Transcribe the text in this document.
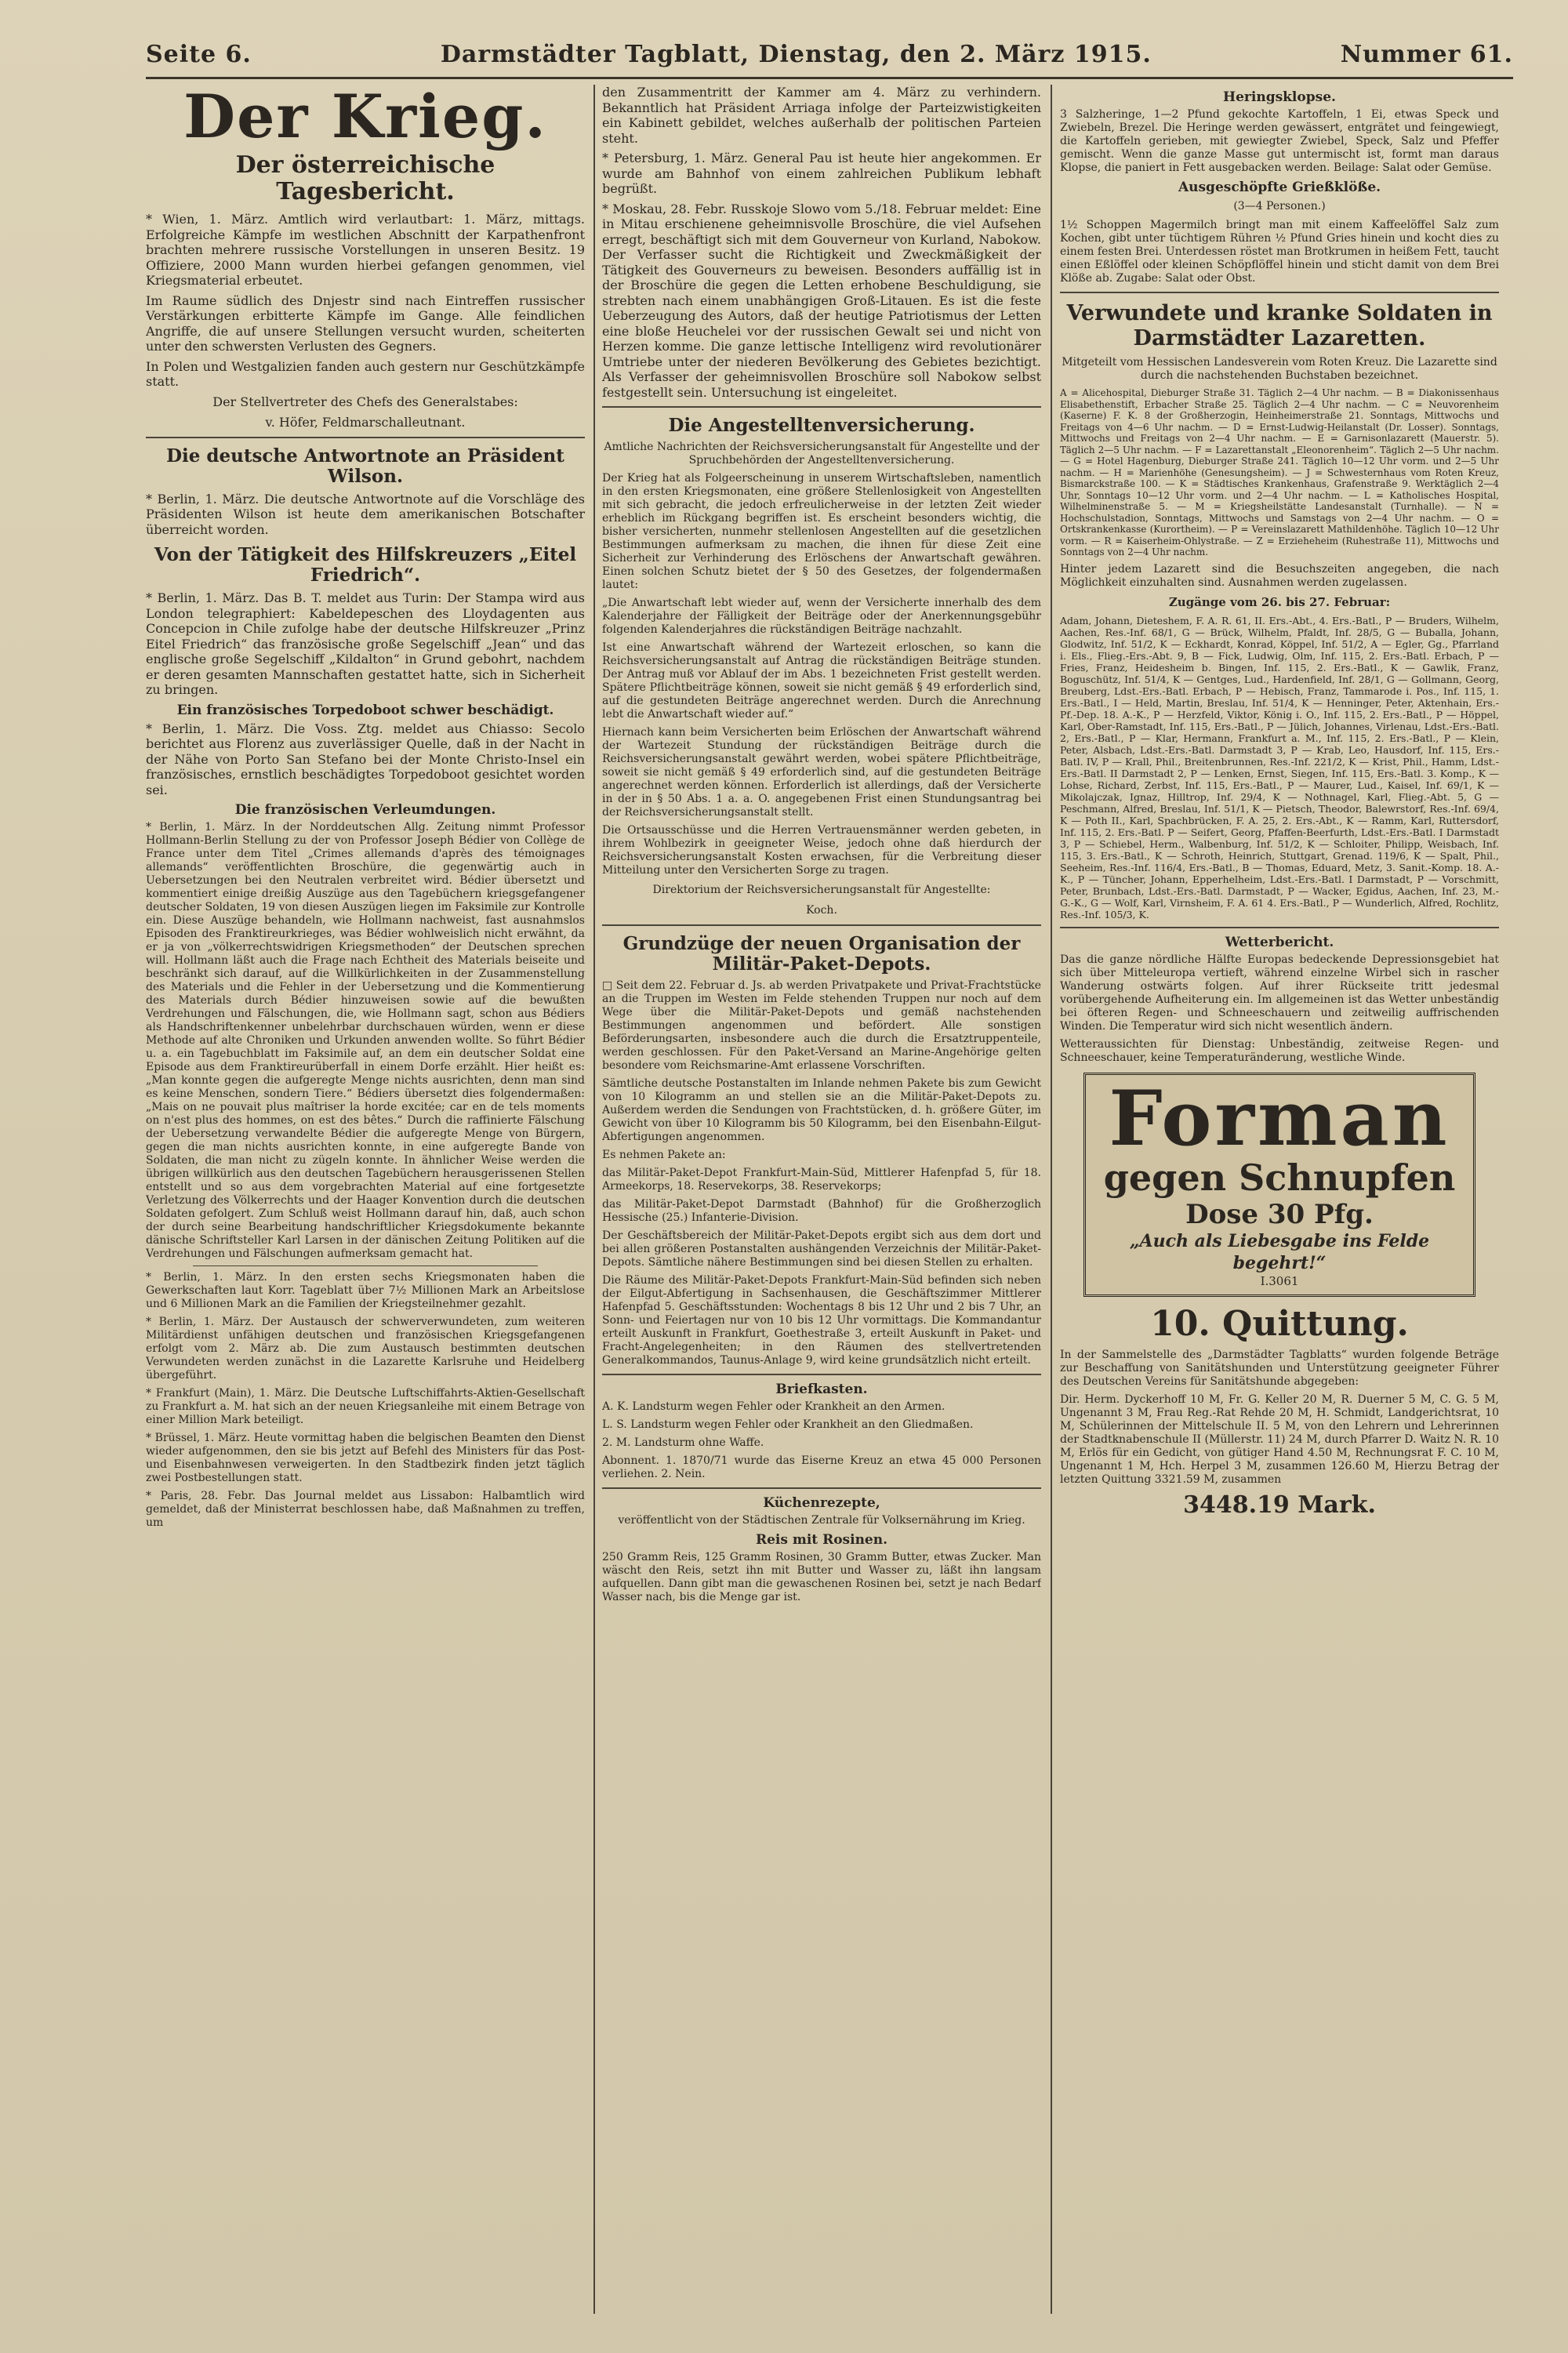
Seite 6.	Darmstädter Tagblatt, Dienstag, den 2. März 1915.	Nummer 61.
Der Krieg.
Der österreichische Tagesbericht.

* Wien, 1. März. Amtlich wird verlautbart: 1. März, mittags. Erfolgreiche Kämpfe im westlichen Abschnitt der Karpathenfront brachten mehrere russische Vorstellungen in unseren Besitz. 19 Offiziere, 2000 Mann wurden hierbei gefangen genommen, viel Kriegsmaterial erbeutet.

Im Raume südlich des Dnjestr sind nach Eintreffen russischer Verstärkungen erbitterte Kämpfe im Gange. Alle feindlichen Angriffe, die auf unsere Stellungen versucht wurden, scheiterten unter den schwersten Verlusten des Gegners.

In Polen und Westgalizien fanden auch gestern nur Geschützkämpfe statt.

Der Stellvertreter des Chefs des Generalstabes:
v. Höfer, Feldmarschalleutnant.
Die deutsche Antwortnote an Präsident Wilson.

* Berlin, 1. März. Die deutsche Antwortnote auf die Vorschläge des Präsidenten Wilson ist heute dem amerikanischen Botschafter überreicht worden.

Von der Tätigkeit des Hilfskreuzers „Eitel Friedrich“.

* Berlin, 1. März. Das B. T. meldet aus Turin: Der Stampa wird aus London telegraphiert: Kabeldepeschen des Lloydagenten aus Concepcion in Chile zufolge habe der deutsche Hilfskreuzer „Prinz Eitel Friedrich“ das französische große Segelschiff „Jean“ und das englische große Segelschiff „Kildalton“ in Grund gebohrt, nachdem er deren gesamten Mannschaften gestattet hatte, sich in Sicherheit zu bringen.

Ein französisches Torpedoboot schwer beschädigt.

* Berlin, 1. März. Die Voss. Ztg. meldet aus Chiasso: Secolo berichtet aus Florenz aus zuverlässiger Quelle, daß in der Nacht in der Nähe von Porto San Stefano bei der Monte Christo-Insel ein französisches, ernstlich beschädigtes Torpedoboot gesichtet worden sei.

Die französischen Verleumdungen.

* Berlin, 1. März. In der Norddeutschen Allg. Zeitung nimmt Professor Hollmann-Berlin Stellung zu der von Professor Joseph Bédier von Collège de France unter dem Titel „Crimes allemands d'après des témoignages allemands“ veröffentlichten Broschüre, die gegenwärtig auch in Uebersetzungen bei den Neutralen verbreitet wird. Bédier übersetzt und kommentiert einige dreißig Auszüge aus den Tagebüchern kriegsgefangener deutscher Soldaten, 19 von diesen Auszügen liegen im Faksimile zur Kontrolle ein. Diese Auszüge behandeln, wie Hollmann nachweist, fast ausnahmslos Episoden des Franktireurkrieges, was Bédier wohlweislich nicht erwähnt, da er ja von „völkerrechtswidrigen Kriegsmethoden“ der Deutschen sprechen will. Hollmann läßt auch die Frage nach Echtheit des Materials beiseite und beschränkt sich darauf, auf die Willkürlichkeiten in der Zusammenstellung des Materials und die Fehler in der Uebersetzung und die Kommentierung des Materials durch Bédier hinzuweisen sowie auf die bewußten Verdrehungen und Fälschungen, die, wie Hollmann sagt, schon aus Bédiers als Handschriftenkenner unbelehrbar durchschauen würden, wenn er diese Methode auf alte Chroniken und Urkunden anwenden wollte. So führt Bédier u. a. ein Tagebuchblatt im Faksimile auf, an dem ein deutscher Soldat eine Episode aus dem Franktireurüberfall in einem Dorfe erzählt. Hier heißt es: „Man konnte gegen die aufgeregte Menge nichts ausrichten, denn man sind es keine Menschen, sondern Tiere.“ Bédiers übersetzt dies folgendermaßen: „Mais on ne pouvait plus maîtriser la horde excitée; car en de tels moments on n'est plus des hommes, on est des bêtes.“ Durch die raffinierte Fälschung der Uebersetzung verwandelte Bédier die aufgeregte Menge von Bürgern, gegen die man nichts ausrichten konnte, in eine aufgeregte Bande von Soldaten, die man nicht zu zügeln konnte. In ähnlicher Weise werden die übrigen willkürlich aus den deutschen Tagebüchern herausgerissenen Stellen entstellt und so aus dem vorgebrachten Material auf eine fortgesetzte Verletzung des Völkerrechts und der Haager Konvention durch die deutschen Soldaten gefolgert. Zum Schluß weist Hollmann darauf hin, daß, auch schon der durch seine Bearbeitung handschriftlicher Kriegsdokumente bekannte dänische Schriftsteller Karl Larsen in der dänischen Zeitung Politiken auf die Verdrehungen und Fälschungen aufmerksam gemacht hat.

* Berlin, 1. März. In den ersten sechs Kriegsmonaten haben die Gewerkschaften laut Korr. Tageblatt über 7½ Millionen Mark an Arbeitslose und 6 Millionen Mark an die Familien der Kriegsteilnehmer gezahlt.

* Berlin, 1. März. Der Austausch der schwerverwundeten, zum weiteren Militärdienst unfähigen deutschen und französischen Kriegsgefangenen erfolgt vom 2. März ab. Die zum Austausch bestimmten deutschen Verwundeten werden zunächst in die Lazarette Karlsruhe und Heidelberg übergeführt.

* Frankfurt (Main), 1. März. Die Deutsche Luftschiffahrts-Aktien-Gesellschaft zu Frankfurt a. M. hat sich an der neuen Kriegsanleihe mit einem Betrage von einer Million Mark beteiligt.

* Brüssel, 1. März. Heute vormittag haben die belgischen Beamten den Dienst wieder aufgenommen, den sie bis jetzt auf Befehl des Ministers für das Post- und Eisenbahnwesen verweigerten. In den Stadtbezirk finden jetzt täglich zwei Postbestellungen statt.

* Paris, 28. Febr. Das Journal meldet aus Lissabon: Halbamtlich wird gemeldet, daß der Ministerrat beschlossen habe, daß Maßnahmen zu treffen, um

den Zusammentritt der Kammer am 4. März zu verhindern. Bekanntlich hat Präsident Arriaga infolge der Parteizwistigkeiten ein Kabinett gebildet, welches außerhalb der politischen Parteien steht.

* Petersburg, 1. März. General Pau ist heute hier angekommen. Er wurde am Bahnhof von einem zahlreichen Publikum lebhaft begrüßt.

* Moskau, 28. Febr. Russkoje Slowo vom 5./18. Februar meldet: Eine in Mitau erschienene geheimnisvolle Broschüre, die viel Aufsehen erregt, beschäftigt sich mit dem Gouverneur von Kurland, Nabokow. Der Verfasser sucht die Richtigkeit und Zweckmäßigkeit der Tätigkeit des Gouverneurs zu beweisen. Besonders auffällig ist in der Broschüre die gegen die Letten erhobene Beschuldigung, sie strebten nach einem unabhängigen Groß-Litauen. Es ist die feste Ueberzeugung des Autors, daß der heutige Patriotismus der Letten eine bloße Heuchelei vor der russischen Gewalt sei und nicht von Herzen komme. Die ganze lettische Intelligenz wird revolutionärer Umtriebe unter der niederen Bevölkerung des Gebietes bezichtigt. Als Verfasser der geheimnisvollen Broschüre soll Nabokow selbst festgestellt sein. Untersuchung ist eingeleitet.

Die Angestelltenversicherung.

Amtliche Nachrichten der Reichsversicherungsanstalt für Angestellte und der Spruchbehörden der Angestelltenversicherung.

Der Krieg hat als Folgeerscheinung in unserem Wirtschaftsleben, namentlich in den ersten Kriegsmonaten, eine größere Stellenlosigkeit von Angestellten mit sich gebracht, die jedoch erfreulicherweise in der letzten Zeit wieder erheblich im Rückgang begriffen ist. Es erscheint besonders wichtig, die bisher versicherten, nunmehr stellenlosen Angestellten auf die gesetzlichen Bestimmungen aufmerksam zu machen, die ihnen für diese Zeit eine Sicherheit zur Verhinderung des Erlöschens der Anwartschaft gewähren. Einen solchen Schutz bietet der § 50 des Gesetzes, der folgendermaßen lautet:

„Die Anwartschaft lebt wieder auf, wenn der Versicherte innerhalb des dem Kalenderjahre der Fälligkeit der Beiträge oder der Anerkennungsgebühr folgenden Kalenderjahres die rückständigen Beiträge nachzahlt.

Ist eine Anwartschaft während der Wartezeit erloschen, so kann die Reichsversicherungsanstalt auf Antrag die rückständigen Beiträge stunden. Der Antrag muß vor Ablauf der im Abs. 1 bezeichneten Frist gestellt werden. Spätere Pflichtbeiträge können, soweit sie nicht gemäß § 49 erforderlich sind, auf die gestundeten Beiträge angerechnet werden. Durch die Anrechnung lebt die Anwartschaft wieder auf.“

Hiernach kann beim Versicherten beim Erlöschen der Anwartschaft während der Wartezeit Stundung der rückständigen Beiträge durch die Reichsversicherungsanstalt gewährt werden, wobei spätere Pflichtbeiträge, soweit sie nicht gemäß § 49 erforderlich sind, auf die gestundeten Beiträge angerechnet werden können. Erforderlich ist allerdings, daß der Versicherte in der in § 50 Abs. 1 a. a. O. angegebenen Frist einen Stundungsantrag bei der Reichsversicherungsanstalt stellt.

Die Ortsausschüsse und die Herren Vertrauensmänner werden gebeten, in ihrem Wohlbezirk in geeigneter Weise, jedoch ohne daß hierdurch der Reichsversicherungsanstalt Kosten erwachsen, für die Verbreitung dieser Mitteilung unter den Versicherten Sorge zu tragen.

Direktorium der Reichsversicherungsanstalt für Angestellte:
Koch.
Grundzüge der neuen Organisation der Militär-Paket-Depots.

□ Seit dem 22. Februar d. Js. ab werden Privatpakete und Privat-Frachtstücke an die Truppen im Westen im Felde stehenden Truppen nur noch auf dem Wege über die Militär-Paket-Depots und gemäß nachstehenden Bestimmungen angenommen und befördert. Alle sonstigen Beförderungsarten, insbesondere auch die durch die Ersatztruppenteile, werden geschlossen. Für den Paket-Versand an Marine-Angehörige gelten besondere vom Reichsmarine-Amt erlassene Vorschriften.

Sämtliche deutsche Postanstalten im Inlande nehmen Pakete bis zum Gewicht von 10 Kilogramm an und stellen sie an die Militär-Paket-Depots zu. Außerdem werden die Sendungen von Frachtstücken, d. h. größere Güter, im Gewicht von über 10 Kilogramm bis 50 Kilogramm, bei den Eisenbahn-Eilgut-Abfertigungen angenommen.

Es nehmen Pakete an:

das Militär-Paket-Depot Frankfurt-Main-Süd, Mittlerer Hafenpfad 5, für 18. Armeekorps, 18. Reservekorps, 38. Reservekorps;

das Militär-Paket-Depot Darmstadt (Bahnhof) für die Großherzoglich Hessische (25.) Infanterie-Division.

Der Geschäftsbereich der Militär-Paket-Depots ergibt sich aus dem dort und bei allen größeren Postanstalten aushängenden Verzeichnis der Militär-Paket-Depots. Sämtliche nähere Bestimmungen sind bei diesen Stellen zu erhalten.

Die Räume des Militär-Paket-Depots Frankfurt-Main-Süd befinden sich neben der Eilgut-Abfertigung in Sachsenhausen, die Geschäftszimmer Mittlerer Hafenpfad 5. Geschäftsstunden: Wochentags 8 bis 12 Uhr und 2 bis 7 Uhr, an Sonn- und Feiertagen nur von 10 bis 12 Uhr vormittags. Die Kommandantur erteilt Auskunft in Frankfurt, Goethestraße 3, erteilt Auskunft in Paket- und Fracht-Angelegenheiten; in den Räumen des stellvertretenden Generalkommandos, Taunus-Anlage 9, wird keine grundsätzlich nicht erteilt.

Briefkasten.

A. K. Landsturm wegen Fehler oder Krankheit an den Armen.

L. S. Landsturm wegen Fehler oder Krankheit an den Gliedmaßen.

2. M. Landsturm ohne Waffe.

Abonnent. 1. 1870/71 wurde das Eiserne Kreuz an etwa 45 000 Personen verliehen. 2. Nein.

Küchenrezepte,

veröffentlicht von der Städtischen Zentrale für Volksernährung im Krieg.

Reis mit Rosinen.

250 Gramm Reis, 125 Gramm Rosinen, 30 Gramm Butter, etwas Zucker. Man wäscht den Reis, setzt ihn mit Butter und Wasser zu, läßt ihn langsam aufquellen. Dann gibt man die gewaschenen Rosinen bei, setzt je nach Bedarf Wasser nach, bis die Menge gar ist.

Heringsklopse.

3 Salzheringe, 1—2 Pfund gekochte Kartoffeln, 1 Ei, etwas Speck und Zwiebeln, Brezel. Die Heringe werden gewässert, entgrätet und feingewiegt, die Kartoffeln gerieben, mit gewiegter Zwiebel, Speck, Salz und Pfeffer gemischt. Wenn die ganze Masse gut untermischt ist, formt man daraus Klopse, die paniert in Fett ausgebacken werden. Beilage: Salat oder Gemüse.

Ausgeschöpfte Grießklöße.
(3—4 Personen.)

1½ Schoppen Magermilch bringt man mit einem Kaffeelöffel Salz zum Kochen, gibt unter tüchtigem Rühren ½ Pfund Gries hinein und kocht dies zu einem festen Brei. Unterdessen röstet man Brotkrumen in heißem Fett, taucht einen Eßlöffel oder kleinen Schöpflöffel hinein und sticht damit von dem Brei Klöße ab. Zugabe: Salat oder Obst.

Verwundete und kranke Soldaten in Darmstädter Lazaretten.

Mitgeteilt vom Hessischen Landesverein vom Roten Kreuz. Die Lazarette sind durch die nachstehenden Buchstaben bezeichnet.

A = Alicehospital, Dieburger Straße 31. Täglich 2—4 Uhr nachm. — B = Diakonissenhaus Elisabethenstift, Erbacher Straße 25. Täglich 2—4 Uhr nachm. — C = Neuvorenheim (Kaserne) F. K. 8 der Großherzogin, Heinheimerstraße 21. Sonntags, Mittwochs und Freitags von 4—6 Uhr nachm. — D = Ernst-Ludwig-Heilanstalt (Dr. Losser). Sonntags, Mittwochs und Freitags von 2—4 Uhr nachm. — E = Garnisonlazarett (Mauerstr. 5). Täglich 2—5 Uhr nachm. — F = Lazarettanstalt „Eleonorenheim“. Täglich 2—5 Uhr nachm. — G = Hotel Hagenburg, Dieburger Straße 241. Täglich 10—12 Uhr vorm. und 2—5 Uhr nachm. — H = Marienhöhe (Genesungsheim). — J = Schwesternhaus vom Roten Kreuz, Bismarckstraße 100. — K = Städtisches Krankenhaus, Grafenstraße 9. Werktäglich 2—4 Uhr, Sonntags 10—12 Uhr vorm. und 2—4 Uhr nachm. — L = Katholisches Hospital, Wilhelminenstraße 5. — M = Kriegsheilstätte Landesanstalt (Turnhalle). — N = Hochschulstadion, Sonntags, Mittwochs und Samstags von 2—4 Uhr nachm. — O = Ortskrankenkasse (Kurortheim). — P = Vereinslazarett Mathildenhöhe. Täglich 10—12 Uhr vorm. — R = Kaiserheim-Ohlystraße. — Z = Erzieheheim (Ruhestraße 11), Mittwochs und Sonntags von 2—4 Uhr nachm.

Hinter jedem Lazarett sind die Besuchszeiten angegeben, die nach Möglichkeit einzuhalten sind. Ausnahmen werden zugelassen.

Zugänge vom 26. bis 27. Februar:

Adam, Johann, Dieteshem, F. A. R. 61, II. Ers.-Abt., 4. Ers.-Batl., P — Bruders, Wilhelm, Aachen, Res.-Inf. 68/1, G — Brück, Wilhelm, Pfaldt, Inf. 28/5, G — Buballa, Johann, Glodwitz, Inf. 51/2, K — Eckhardt, Konrad, Köppel, Inf. 51/2, A — Egler, Gg., Pfarrland i. Els., Flieg.-Ers.-Abt. 9, B — Fick, Ludwig, Olm, Inf. 115, 2. Ers.-Batl. Erbach, P — Fries, Franz, Heidesheim b. Bingen, Inf. 115, 2. Ers.-Batl., K — Gawlik, Franz, Boguschütz, Inf. 51/4, K — Gentges, Lud., Hardenfield, Inf. 28/1, G — Gollmann, Georg, Breuberg, Ldst.-Ers.-Batl. Erbach, P — Hebisch, Franz, Tammarode i. Pos., Inf. 115, 1. Ers.-Batl., I — Held, Martin, Breslau, Inf. 51/4, K — Henninger, Peter, Aktenhain, Ers.-Pf.-Dep. 18. A.-K., P — Herzfeld, Viktor, König i. O., Inf. 115, 2. Ers.-Batl., P — Höppel, Karl, Ober-Ramstadt, Inf. 115, Ers.-Batl., P — Jülich, Johannes, Virlenau, Ldst.-Ers.-Batl. 2, Ers.-Batl., P — Klar, Hermann, Frankfurt a. M., Inf. 115, 2. Ers.-Batl., P — Klein, Peter, Alsbach, Ldst.-Ers.-Batl. Darmstadt 3, P — Krab, Leo, Hausdorf, Inf. 115, Ers.-Batl. IV, P — Krall, Phil., Breitenbrunnen, Res.-Inf. 221/2, K — Krist, Phil., Hamm, Ldst.-Ers.-Batl. II Darmstadt 2, P — Lenken, Ernst, Siegen, Inf. 115, Ers.-Batl. 3. Komp., K — Lohse, Richard, Zerbst, Inf. 115, Ers.-Batl., P — Maurer, Lud., Kaisel, Inf. 69/1, K — Mikolajczak, Ignaz, Hilltrop, Inf. 29/4, K — Nothnagel, Karl, Flieg.-Abt. 5, G — Peschmann, Alfred, Breslau, Inf. 51/1, K — Pietsch, Theodor, Balewrstorf, Res.-Inf. 69/4, K — Poth II., Karl, Spachbrücken, F. A. 25, 2. Ers.-Abt., K — Ramm, Karl, Ruttersdorf, Inf. 115, 2. Ers.-Batl. P — Seifert, Georg, Pfaffen-Beerfurth, Ldst.-Ers.-Batl. I Darmstadt 3, P — Schiebel, Herm., Walbenburg, Inf. 51/2, K — Schloiter, Philipp, Weisbach, Inf. 115, 3. Ers.-Batl., K — Schroth, Heinrich, Stuttgart, Grenad. 119/6, K — Spalt, Phil., Seeheim, Res.-Inf. 116/4, Ers.-Batl., B — Thomas, Eduard, Metz, 3. Sanit.-Komp. 18. A.-K., P — Tüncher, Johann, Epperhelheim, Ldst.-Ers.-Batl. I Darmstadt, P — Vorschmitt, Peter, Brunbach, Ldst.-Ers.-Batl. Darmstadt, P — Wacker, Egidus, Aachen, Inf. 23, M.-G.-K., G — Wolf, Karl, Virnsheim, F. A. 61 4. Ers.-Batl., P — Wunderlich, Alfred, Rochlitz, Res.-Inf. 105/3, K.

Wetterbericht.

Das die ganze nördliche Hälfte Europas bedeckende Depressionsgebiet hat sich über Mitteleuropa vertieft, während einzelne Wirbel sich in rascher Wanderung ostwärts folgen. Auf ihrer Rückseite tritt jedesmal vorübergehende Aufheiterung ein. Im allgemeinen ist das Wetter unbeständig bei öfteren Regen- und Schneeschauern und zeitweilig auffrischenden Winden. Die Temperatur wird sich nicht wesentlich ändern.

Wetteraussichten für Dienstag: Unbeständig, zeitweise Regen- und Schneeschauer, keine Temperaturänderung, westliche Winde.

Forman
gegen Schnupfen
Dose 30 Pfg.
„Auch als Liebesgabe ins Felde begehrt!“
I.3061
10. Quittung.

In der Sammelstelle des „Darmstädter Tagblatts“ wurden folgende Beträge zur Beschaffung von Sanitätshunden und Unterstützung geeigneter Führer des Deutschen Vereins für Sanitätshunde abgegeben:

Dir. Herm. Dyckerhoff 10 M, Fr. G. Keller 20 M, R. Duerner 5 M, C. G. 5 M, Ungenannt 3 M, Frau Reg.-Rat Rehde 20 M, H. Schmidt, Landgerichtsrat, 10 M, Schülerinnen der Mittelschule II. 5 M, von den Lehrern und Lehrerinnen der Stadtknabenschule II (Müllerstr. 11) 24 M, durch Pfarrer D. Waitz N. R. 10 M, Erlös für ein Gedicht, von gütiger Hand 4.50 M, Rechnungsrat F. C. 10 M, Ungenannt 1 M, Hch. Herpel 3 M, zusammen 126.60 M, Hierzu Betrag der letzten Quittung 3321.59 M, zusammen

3448.19 Mark.
